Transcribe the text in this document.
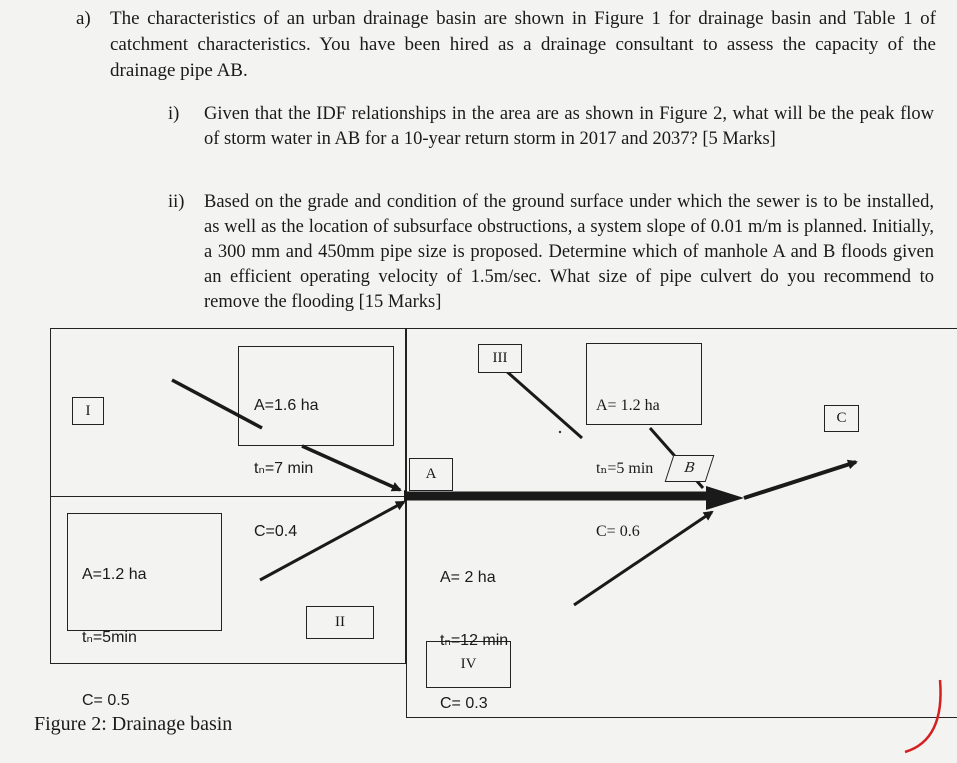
a) The characteristics of an urban drainage basin are shown in Figure 1 for drainage basin and Table 1 of catchment characteristics. You have been hired as a drainage consultant to assess the capacity of the drainage pipe AB.
i) Given that the IDF relationships in the area are as shown in Figure 2, what will be the peak flow of storm water in AB for a 10-year return storm in 2017 and 2037? [5 Marks]
ii) Based on the grade and condition of the ground surface under which the sewer is to be installed, as well as the location of subsurface obstructions, a system slope of 0.01 m/m is planned. Initially, a 300 mm and 450mm pipe size is proposed. Determine which of manhole A and B floods given an efficient operating velocity of 1.5m/sec. What size of pipe culvert do you recommend to remove the flooding [15 Marks]
I
II
III
IV
A	B
C

A=1.6 ha

tₙ=7 min

C=0.4

A=1.2 ha

tₙ=5min

C= 0.5

A= 1.2 ha

tₙ=5 min

C= 0.6

A= 2 ha

tₙ=12 min

C= 0.3

Figure 2: Drainage basin
